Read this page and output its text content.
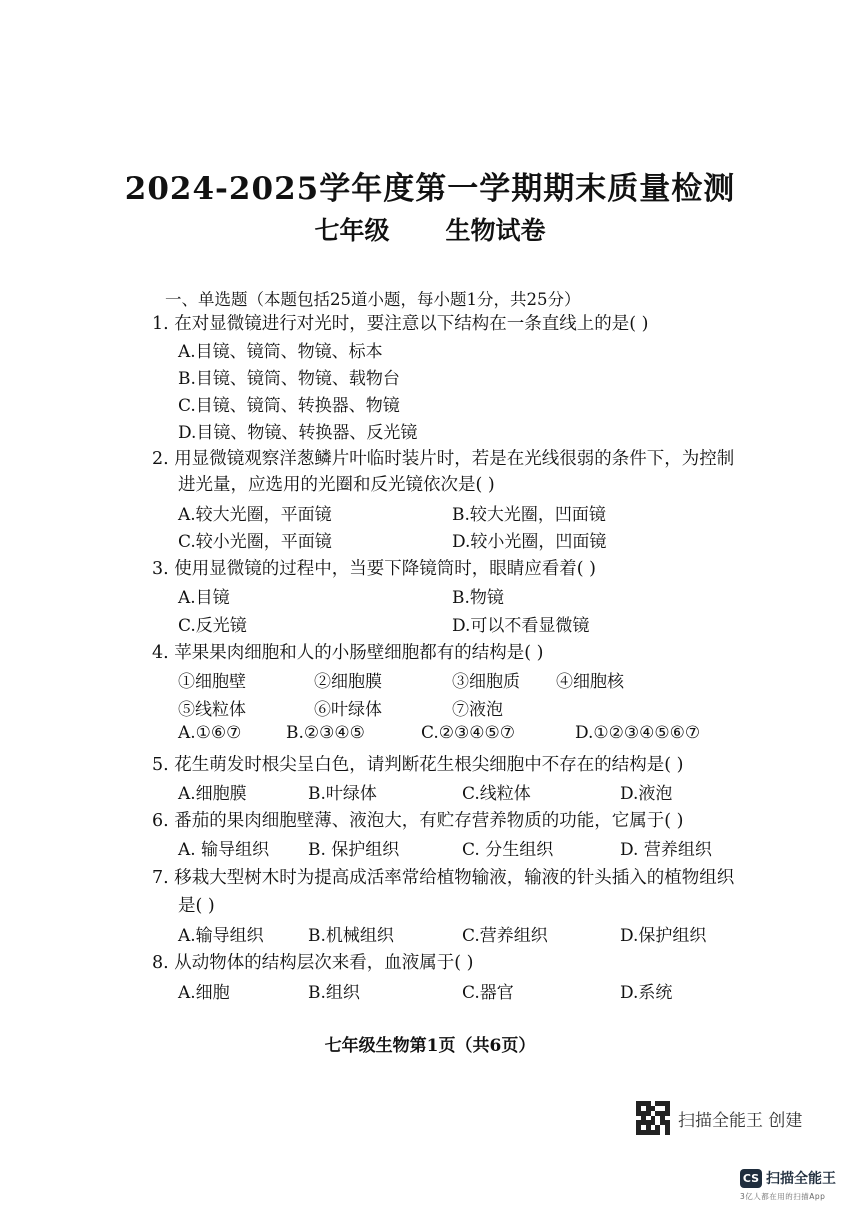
2024-2025学年度第一学期期末质量检测
七年级 生物试卷
一、单选题（本题包括25道小题，每小题1分，共25分）
1. 在对显微镜进行对光时，要注意以下结构在一条直线上的是( )
A.目镜、镜筒、物镜、标本
B.目镜、镜筒、物镜、载物台
C.目镜、镜筒、转换器、物镜
D.目镜、物镜、转换器、反光镜
2. 用显微镜观察洋葱鳞片叶临时装片时，若是在光线很弱的条件下，为控制
进光量，应选用的光圈和反光镜依次是( )
A.较大光圈，平面镜	B.较大光圈，凹面镜
C.较小光圈，平面镜	D.较小光圈，凹面镜
3. 使用显微镜的过程中，当要下降镜筒时，眼睛应看着( )
A.目镜	B.物镜
C.反光镜	D.可以不看显微镜
4. 苹果果肉细胞和人的小肠壁细胞都有的结构是( )
①细胞壁	②细胞膜	③细胞质 ④细胞核
⑤线粒体	⑥叶绿体	⑦液泡
A.①⑥⑦	B.②③④⑤	C.②③④⑤⑦	D.①②③④⑤⑥⑦
5. 花生萌发时根尖呈白色，请判断花生根尖细胞中不存在的结构是( )
A.细胞膜	B.叶绿体	C.线粒体	D.液泡
6. 番茄的果肉细胞壁薄、液泡大，有贮存营养物质的功能，它属于( )
A. 输导组织 B. 保护组织	C. 分生组织	D. 营养组织
7. 移栽大型树木时为提高成活率常给植物输液，输液的针头插入的植物组织
是( )
A.输导组织	B.机械组织	C.营养组织	D.保护组织
8. 从动物体的结构层次来看，血液属于( )
A.细胞	B.组织	C.器官	D.系统
七年级生物第1页（共6页）
扫描全能王 创建
CS 扫描全能王
3亿人都在用的扫描App
